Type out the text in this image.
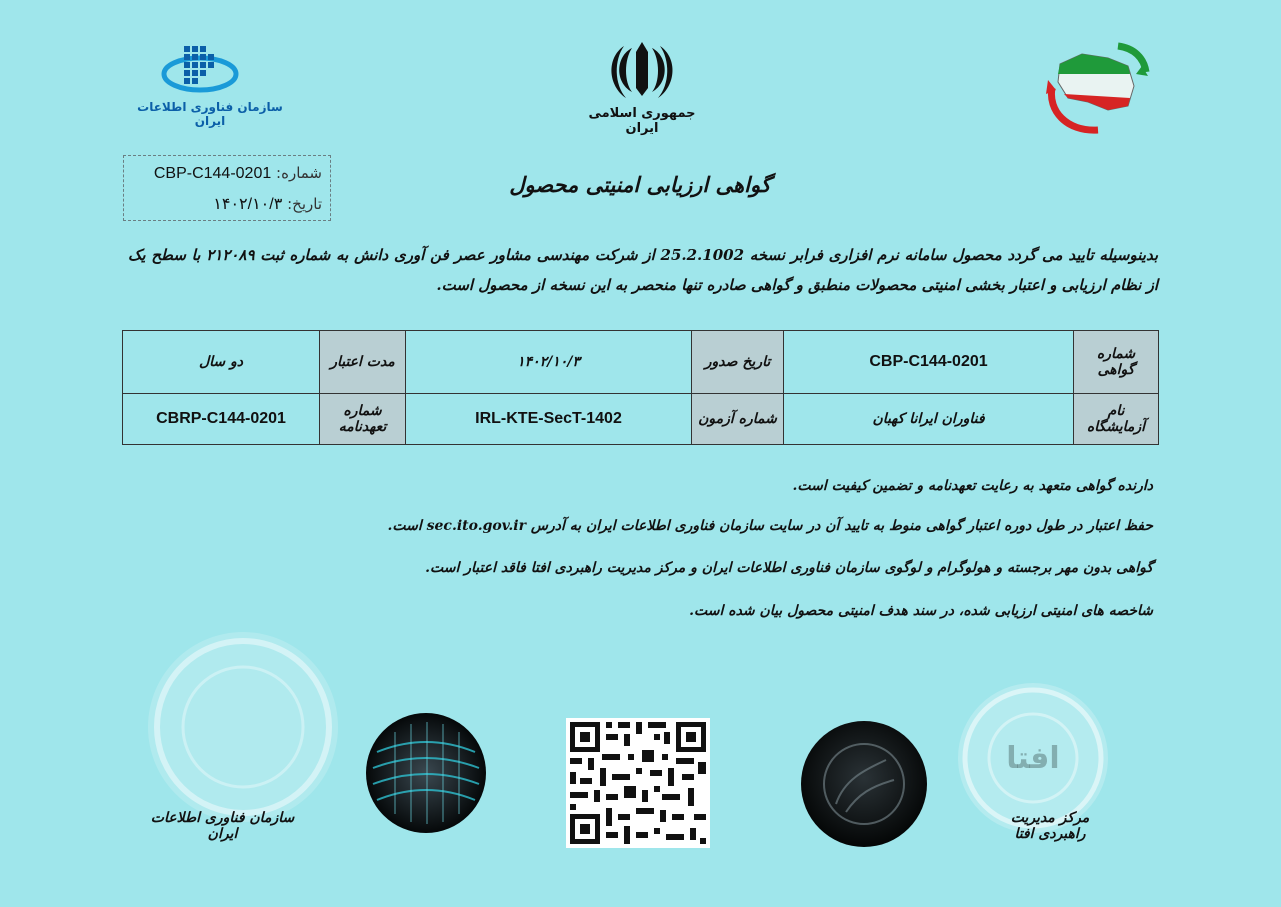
سازمان فناوری اطلاعات ایران	جمهوری اسلامی ایران
شماره: CBP-C144-0201
تاریخ: ۱۴۰۲/۱۰/۳
گواهی ارزیابی امنیتی محصول
بدینوسیله تایید می گردد محصول سامانه نرم افزاری فرابر نسخه 25.2.1002 از شرکت مهندسی مشاور عصر فن آوری دانش به شماره ثبت ۲۱۲۰۸۹ با سطح یک از نظام ارزیابی و اعتبار بخشی امنیتی محصولات منطبق و گواهی صادره تنها منحصر به این نسخه از محصول است.
شماره گواهی	CBP-C144-0201	تاریخ صدور	۱۴۰۲/۱۰/۳	مدت اعتبار	دو سال
نام آزمایشگاه	فناوران ایرانا کهبان	شماره آزمون	IRL-KTE-SecT-1402	شماره تعهدنامه	CBRP-C144-0201
دارنده گواهی متعهد به رعایت تعهدنامه و تضمین کیفیت است.
حفظ اعتبار در طول دوره اعتبار گواهی منوط به تایید آن در سایت سازمان فناوری اطلاعات ایران به آدرس sec.ito.gov.ir است.
گواهی بدون مهر برجسته و هولوگرام و لوگوی سازمان فناوری اطلاعات ایران و مرکز مدیریت راهبردی افتا فاقد اعتبار است.
شاخصه های امنیتی ارزیابی شده، در سند هدف امنیتی محصول بیان شده است.
افتا
سازمان فناوری اطلاعات ایران
مرکز مدیریت راهبردی افتا
